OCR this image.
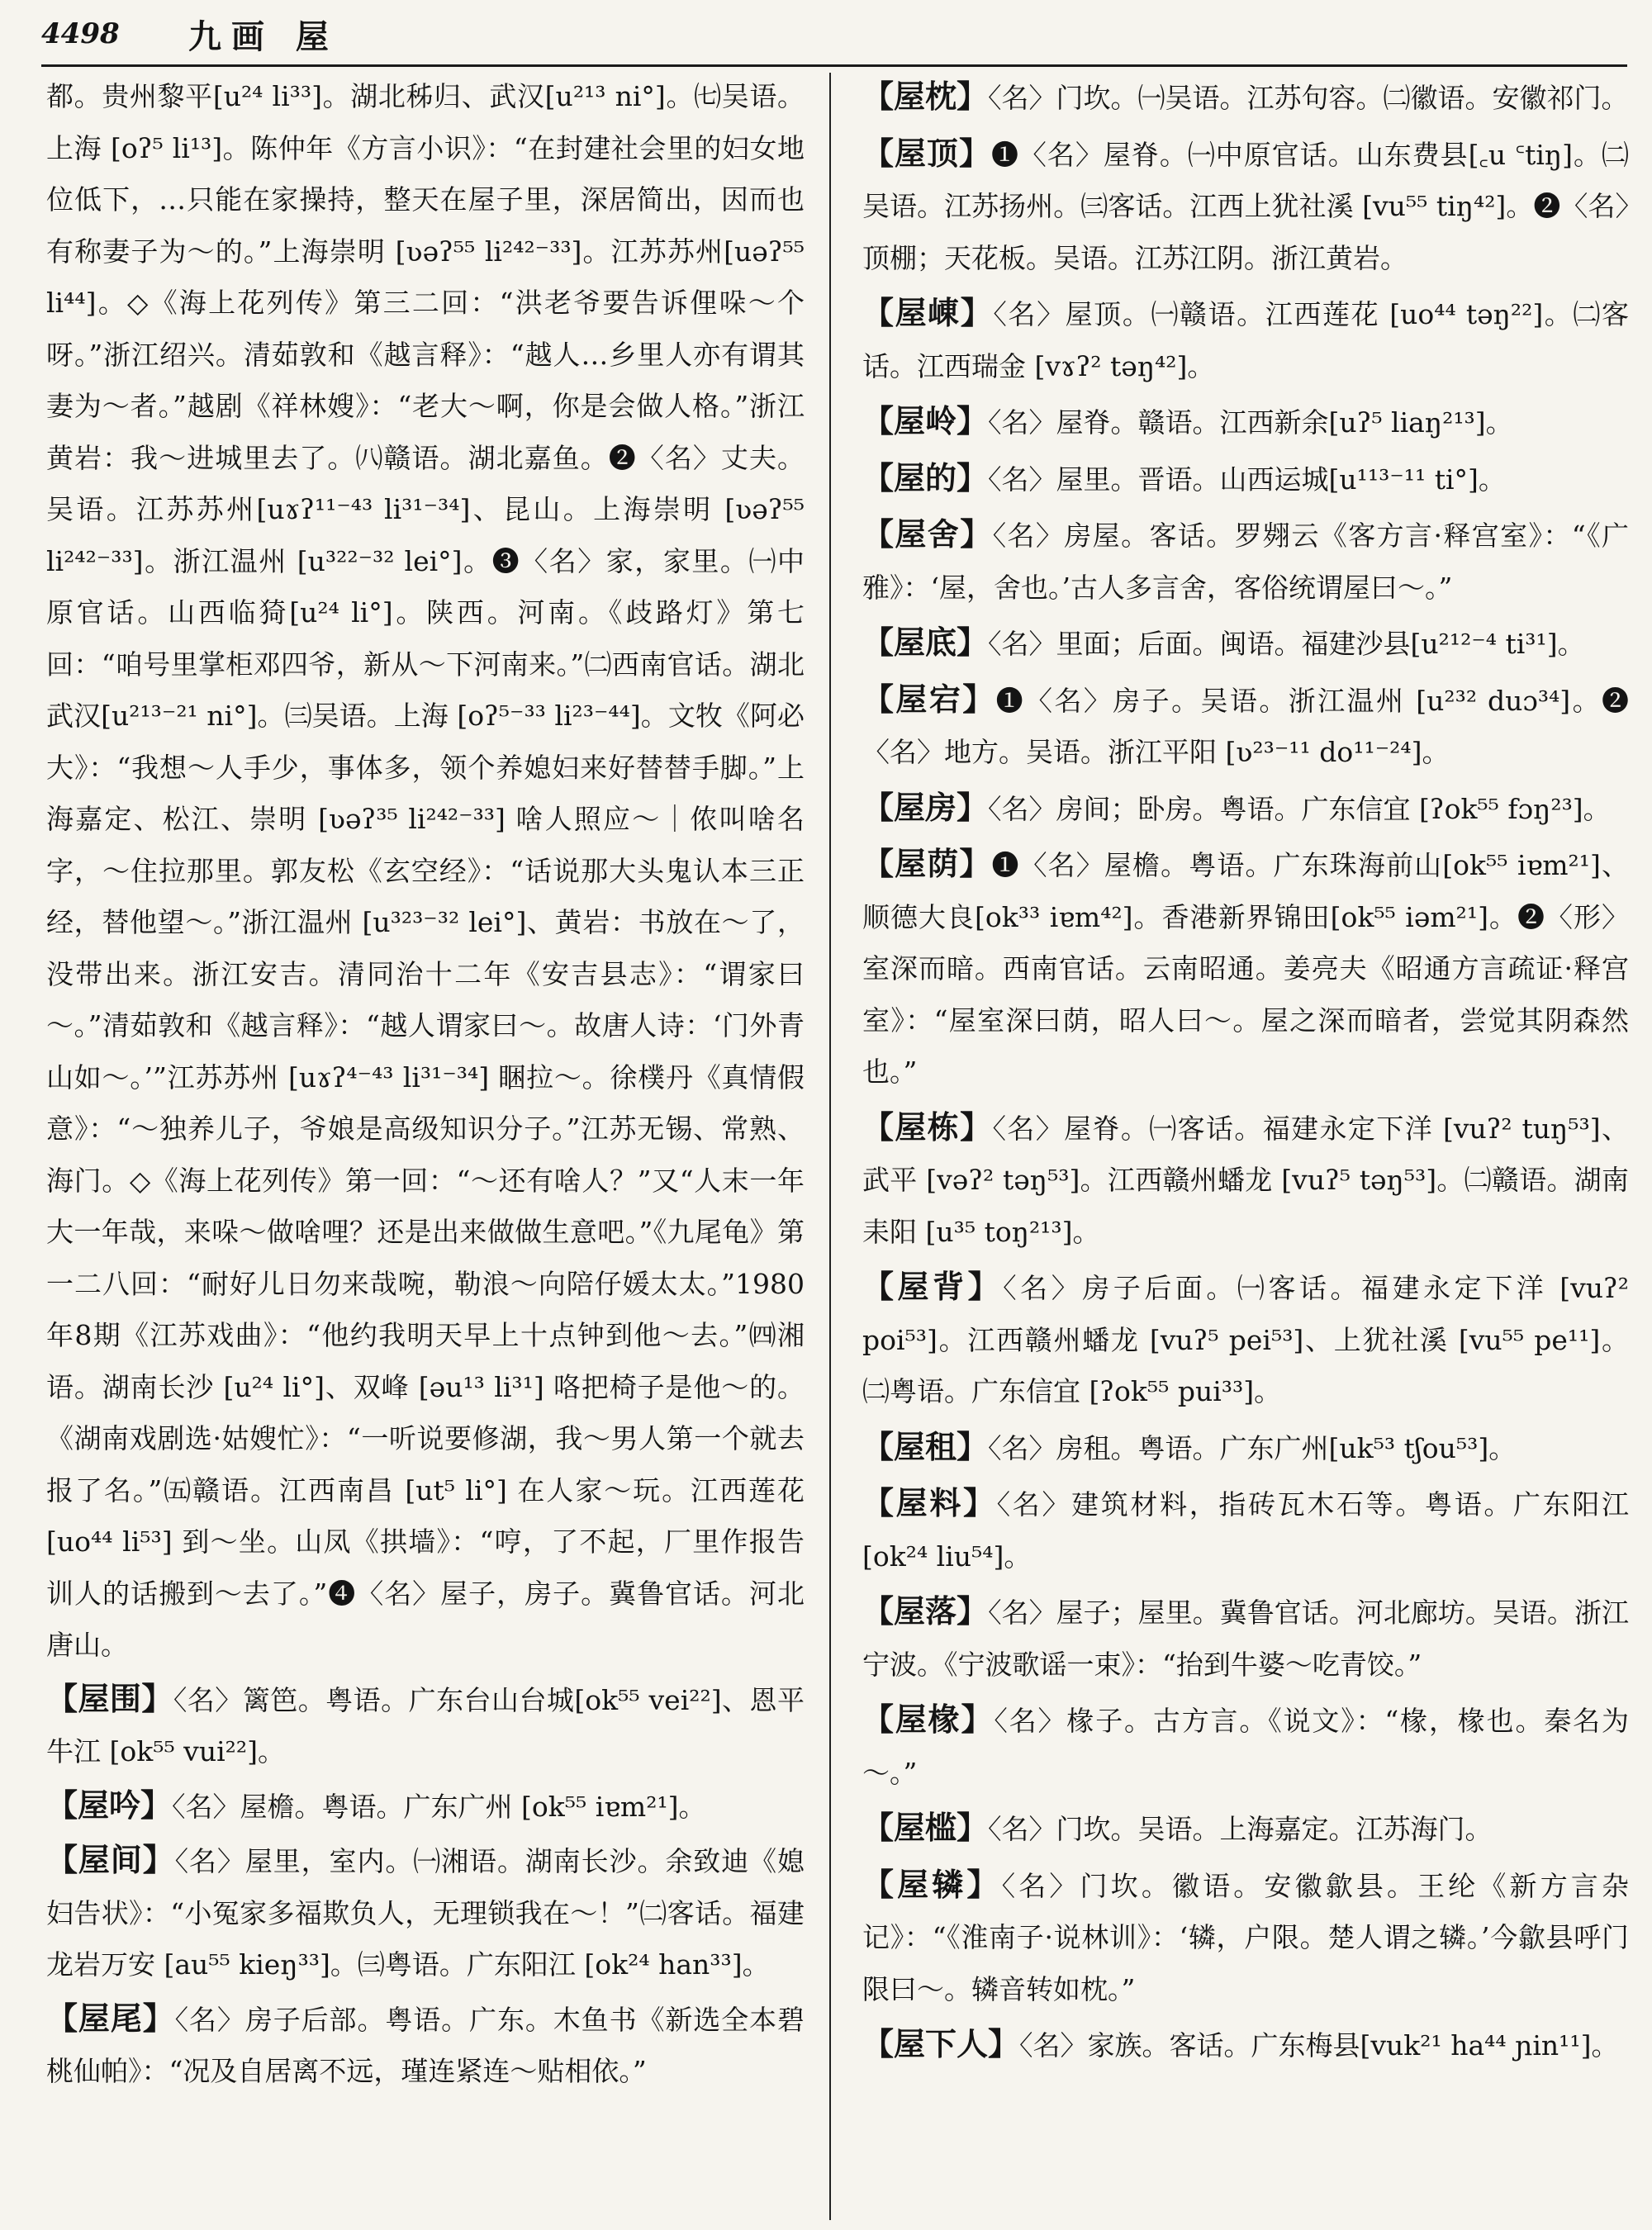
4498	九画 屋

都。贵州黎平[u²⁴ li³³]。湖北秭归、武汉[u²¹³ ni°]。㈦吴语。上海 [oʔ⁵ li¹³]。陈仲年《方言小识》：“在封建社会里的妇女地位低下，…只能在家操持，整天在屋子里，深居简出，因而也有称妻子为～的。”上海崇明 [ʋəʔ⁵⁵ li²⁴²⁻³³]。江苏苏州[uəʔ⁵⁵ li⁴⁴]。◇《海上花列传》第三二回：“洪老爷要告诉俚哚～个呀。”浙江绍兴。清茹敦和《越言释》：“越人…乡里人亦有谓其妻为～者。”越剧《祥林嫂》：“老大～啊，你是会做人格。”浙江黄岩：我～进城里去了。㈧赣语。湖北嘉鱼。❷〈名〉丈夫。吴语。江苏苏州[uɤʔ¹¹⁻⁴³ li³¹⁻³⁴]、昆山。上海崇明 [ʋəʔ⁵⁵ li²⁴²⁻³³]。浙江温州 [u³²²⁻³² lei°]。❸〈名〉家，家里。㈠中原官话。山西临猗[u²⁴ li°]。陕西。河南。《歧路灯》第七回：“咱号里掌柜邓四爷，新从～下河南来。”㈡西南官话。湖北武汉[u²¹³⁻²¹ ni°]。㈢吴语。上海 [oʔ⁵⁻³³ li²³⁻⁴⁴]。文牧《阿必大》：“我想～人手少，事体多，领个养媳妇来好替替手脚。”上海嘉定、松江、崇明 [ʋəʔ³⁵ li²⁴²⁻³³] 啥人照应～｜侬叫啥名字，～住拉那里。郭友松《玄空经》：“话说那大头鬼认本三正经，替他望～。”浙江温州 [u³²³⁻³² lei°]、黄岩：书放在～了，没带出来。浙江安吉。清同治十二年《安吉县志》：“谓家曰～。”清茹敦和《越言释》：“越人谓家曰～。故唐人诗：‘门外青山如～。’”江苏苏州 [uɤʔ⁴⁻⁴³ li³¹⁻³⁴] 睏拉～。徐樸丹《真情假意》：“～独养儿子，爷娘是高级知识分子。”江苏无锡、常熟、海门。◇《海上花列传》第一回：“～还有啥人？”又“人末一年大一年哉，来哚～做啥哩？还是出来做做生意吧。”《九尾龟》第一二八回：“耐好儿日勿来哉啘，勒浪～向陪仔媛太太。”1980年8期《江苏戏曲》：“他约我明天早上十点钟到他～去。”㈣湘语。湖南长沙 [u²⁴ li°]、双峰 [əu¹³ li³¹] 咯把椅子是他～的。《湖南戏剧选·姑嫂忙》：“一听说要修湖，我～男人第一个就去报了名。”㈤赣语。江西南昌 [ut⁵ li°] 在人家～玩。江西莲花 [uo⁴⁴ li⁵³] 到～坐。山凤《拱墙》：“哼，了不起，厂里作报告训人的话搬到～去了。”❹〈名〉屋子，房子。冀鲁官话。河北唐山。

【屋围】〈名〉篱笆。粤语。广东台山台城[ok⁵⁵ vei²²]、恩平牛江 [ok⁵⁵ vui²²]。

【屋吟】〈名〉屋檐。粤语。广东广州 [ok⁵⁵ iɐm²¹]。

【屋间】〈名〉屋里，室内。㈠湘语。湖南长沙。余致迪《媳妇告状》：“小冤家多福欺负人，无理锁我在～！”㈡客话。福建龙岩万安 [au⁵⁵ kieŋ³³]。㈢粤语。广东阳江 [ok²⁴ han³³]。

【屋尾】〈名〉房子后部。粤语。广东。木鱼书《新选全本碧桃仙帕》：“况及自居离不远，瑾连紧连～贴相依。”

【屋枕】〈名〉门坎。㈠吴语。江苏句容。㈡徽语。安徽祁门。

【屋顶】❶〈名〉屋脊。㈠中原官话。山东费县[꜀u ꜂tiŋ]。㈡吴语。江苏扬州。㈢客话。江西上犹社溪 [vu⁵⁵ tiŋ⁴²]。❷〈名〉顶棚；天花板。吴语。江苏江阴。浙江黄岩。

【屋崠】〈名〉屋顶。㈠赣语。江西莲花 [uo⁴⁴ təŋ²²]。㈡客话。江西瑞金 [vɤʔ² təŋ⁴²]。

【屋岭】〈名〉屋脊。赣语。江西新余[uʔ⁵ liaŋ²¹³]。

【屋的】〈名〉屋里。晋语。山西运城[u¹¹³⁻¹¹ ti°]。

【屋舍】〈名〉房屋。客话。罗翙云《客方言·释宫室》：“《广雅》：‘屋，舍也。’古人多言舍，客俗统谓屋曰～。”

【屋底】〈名〉里面；后面。闽语。福建沙县[u²¹²⁻⁴ ti³¹]。

【屋宕】❶〈名〉房子。吴语。浙江温州 [u²³² duɔ³⁴]。❷〈名〉地方。吴语。浙江平阳 [ʋ²³⁻¹¹ do¹¹⁻²⁴]。

【屋房】〈名〉房间；卧房。粤语。广东信宜 [ʔok⁵⁵ fɔŋ²³]。

【屋荫】❶〈名〉屋檐。粤语。广东珠海前山[ok⁵⁵ iɐm²¹]、顺德大良[ok³³ iɐm⁴²]。香港新界锦田[ok⁵⁵ iəm²¹]。❷〈形〉室深而暗。西南官话。云南昭通。姜亮夫《昭通方言疏证·释宫室》：“屋室深曰荫，昭人曰～。屋之深而暗者，尝觉其阴森然也。”

【屋栋】〈名〉屋脊。㈠客话。福建永定下洋 [vuʔ² tuŋ⁵³]、武平 [vəʔ² təŋ⁵³]。江西赣州蟠龙 [vuʔ⁵ təŋ⁵³]。㈡赣语。湖南耒阳 [u³⁵ toŋ²¹³]。

【屋背】〈名〉房子后面。㈠客话。福建永定下洋 [vuʔ² poi⁵³]。江西赣州蟠龙 [vuʔ⁵ pei⁵³]、上犹社溪 [vu⁵⁵ pe¹¹]。㈡粤语。广东信宜 [ʔok⁵⁵ pui³³]。

【屋租】〈名〉房租。粤语。广东广州[uk⁵³ tʃou⁵³]。

【屋料】〈名〉建筑材料，指砖瓦木石等。粤语。广东阳江[ok²⁴ liu⁵⁴]。

【屋落】〈名〉屋子；屋里。冀鲁官话。河北廊坊。吴语。浙江宁波。《宁波歌谣一束》：“抬到牛婆～吃青饺。”

【屋椽】〈名〉椽子。古方言。《说文》：“椽，椽也。秦名为～。”

【屋槛】〈名〉门坎。吴语。上海嘉定。江苏海门。

【屋辚】〈名〉门坎。徽语。安徽歙县。王纶《新方言杂记》：“《淮南子·说林训》：‘辚，户限。楚人谓之辚。’今歙县呼门限曰～。辚音转如枕。”

【屋下人】〈名〉家族。客话。广东梅县[vuk²¹ ha⁴⁴ ɲin¹¹]。
